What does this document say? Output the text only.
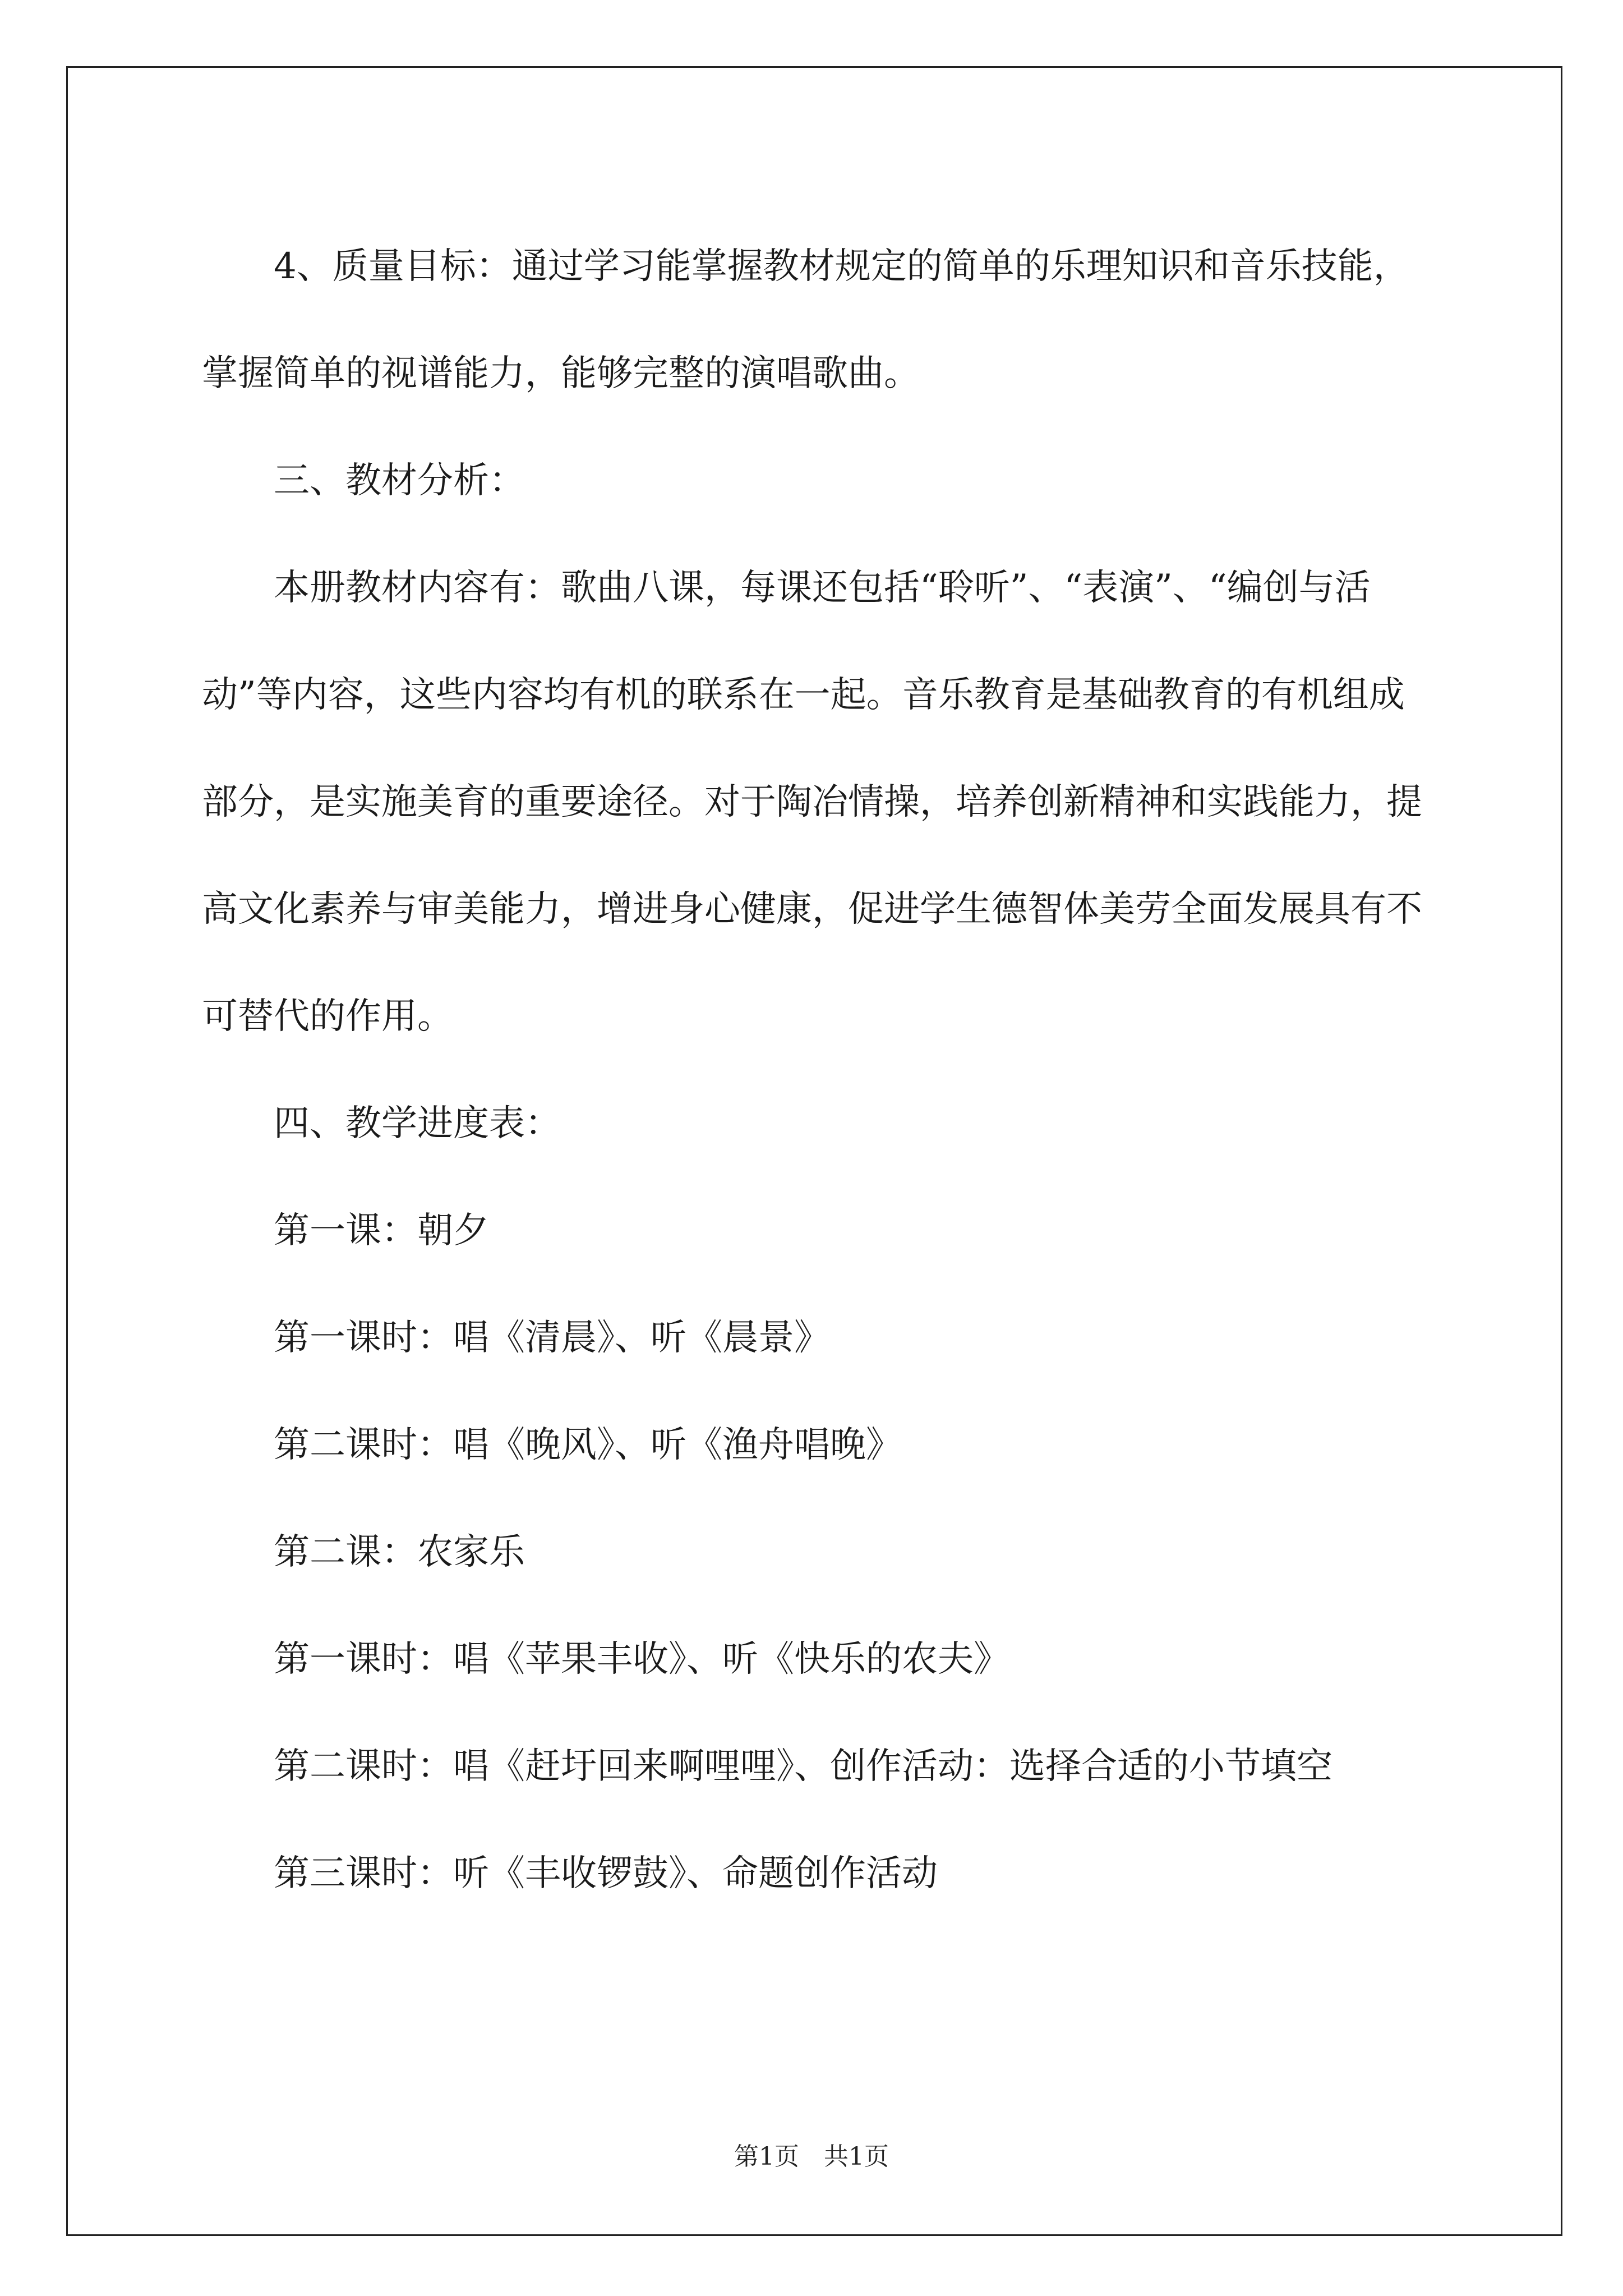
4、质量目标：通过学习能掌握教材规定的简单的乐理知识和音乐技能，掌握简单的视谱能力，能够完整的演唱歌曲。

三、教材分析：

本册教材内容有：歌曲八课，每课还包括“聆听”、“表演”、“编创与活动”等内容，这些内容均有机的联系在一起。音乐教育是基础教育的有机组成部分，是实施美育的重要途径。对于陶冶情操，培养创新精神和实践能力，提高文化素养与审美能力，增进身心健康，促进学生德智体美劳全面发展具有不可替代的作用。

四、教学进度表：

第一课：朝夕

第一课时：唱《清晨》、听《晨景》

第二课时：唱《晚风》、听《渔舟唱晚》

第二课：农家乐

第一课时：唱《苹果丰收》、听《快乐的农夫》

第二课时：唱《赶圩回来啊哩哩》、创作活动：选择合适的小节填空

第三课时：听《丰收锣鼓》、命题创作活动

第1页　共1页
